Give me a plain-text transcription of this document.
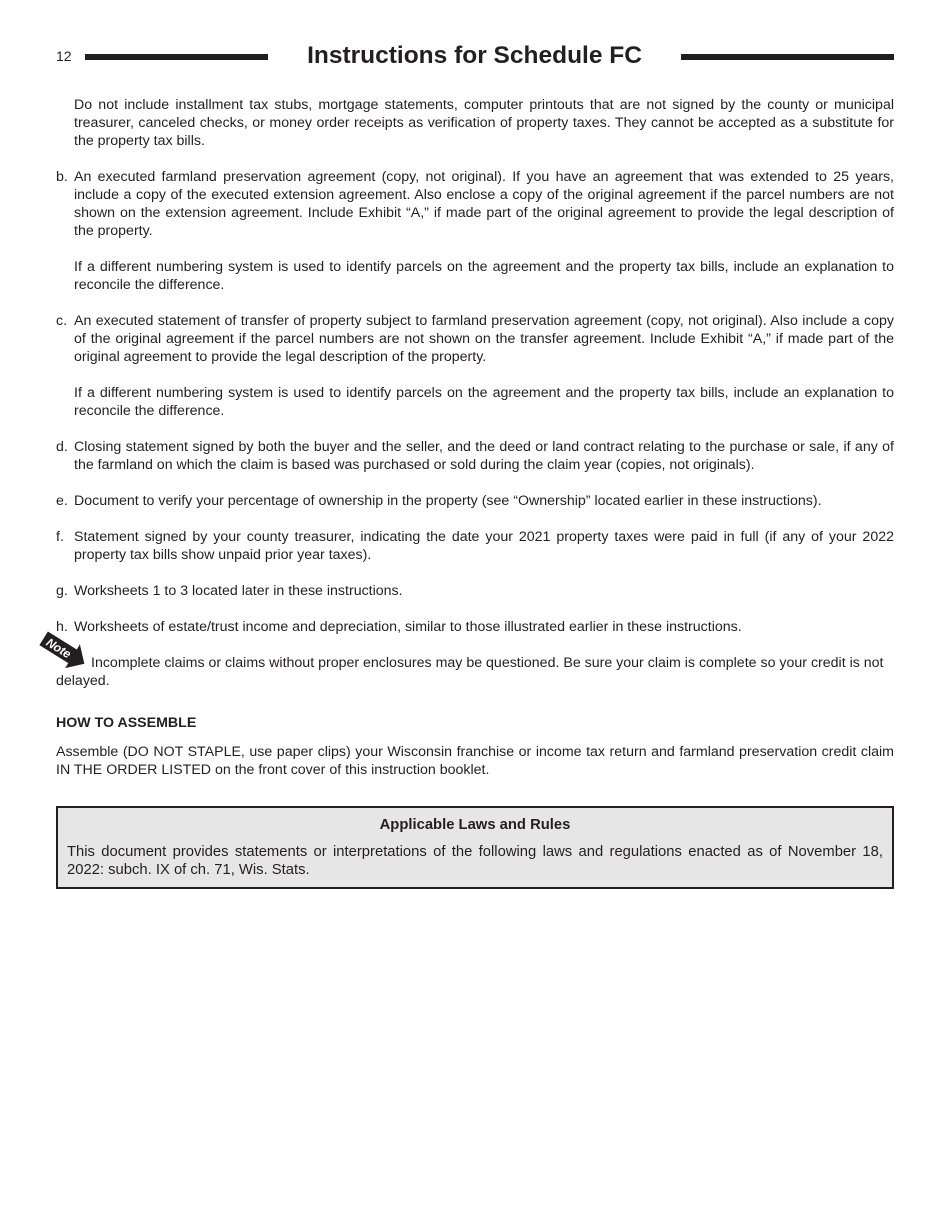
12	Instructions for Schedule FC

Do not include installment tax stubs, mortgage statements, computer printouts that are not signed by the county or municipal treasurer, canceled checks, or money order receipts as verification of property taxes. They cannot be accepted as a substitute for the property tax bills.

b. An executed farmland preservation agreement (copy, not original). If you have an agreement that was extended to 25 years, include a copy of the executed extension agreement. Also enclose a copy of the original agreement if the parcel numbers are not shown on the extension agreement. Include Exhibit “A,” if made part of the original agreement to provide the legal description of the property.

If a different numbering system is used to identify parcels on the agreement and the property tax bills, include an explanation to reconcile the difference.

c. An executed statement of transfer of property subject to farmland preservation agreement (copy, not original). Also include a copy of the original agreement if the parcel numbers are not shown on the transfer agreement. Include Exhibit “A,” if made part of the original agreement to provide the legal description of the property.

If a different numbering system is used to identify parcels on the agreement and the property tax bills, include an explanation to reconcile the difference.

d. Closing statement signed by both the buyer and the seller, and the deed or land contract relating to the purchase or sale, if any of the farmland on which the claim is based was purchased or sold during the claim year (copies, not originals).

e. Document to verify your percentage of ownership in the property (see “Ownership” located earlier in these instructions).

f. Statement signed by your county treasurer, indicating the date your 2021 property taxes were paid in full (if any of your 2022 property tax bills show unpaid prior year taxes).

g. Worksheets 1 to 3 located later in these instructions.

h. Worksheets of estate/trust income and depreciation, similar to those illustrated earlier in these instructions.

Note

Incomplete claims or claims without proper enclosures may be questioned. Be sure your claim is complete so your credit is not delayed.

HOW TO ASSEMBLE

Assemble (DO NOT STAPLE, use paper clips) your Wisconsin franchise or income tax return and farmland preservation credit claim IN THE ORDER LISTED on the front cover of this instruction booklet.

Applicable Laws and Rules

This document provides statements or interpretations of the following laws and regulations enacted as of November 18, 2022: subch. IX of ch. 71, Wis. Stats.
